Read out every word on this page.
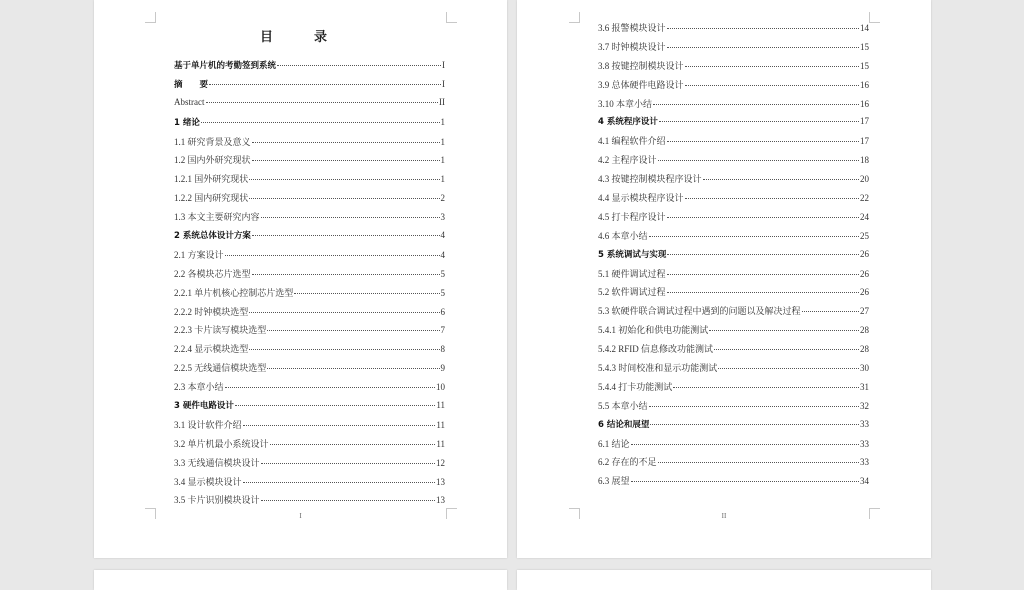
目　录
基于单片机的考勤签到系统	I
摘　　要	I
Abstract	II
1 绪论	1
1.1 研究背景及意义	1
1.2 国内外研究现状	1
1.2.1 国外研究现状	1
1.2.2 国内研究现状	2
1.3 本文主要研究内容	3
2 系统总体设计方案	4
2.1 方案设计	4
2.2 各模块芯片选型	5
2.2.1 单片机核心控制芯片选型	5
2.2.2 时钟模块选型	6
2.2.3 卡片读写模块选型	7
2.2.4 显示模块选型	8
2.2.5 无线通信模块选型	9
2.3 本章小结	10
3 硬件电路设计	11
3.1 设计软件介绍	11
3.2 单片机最小系统设计	11
3.3 无线通信模块设计	12
3.4 显示模块设计	13
3.5 卡片识别模块设计	13
I
3.6 报警模块设计	14
3.7 时钟模块设计	15
3.8 按键控制模块设计	15
3.9 总体硬件电路设计	16
3.10 本章小结	16
4 系统程序设计	17
4.1 编程软件介绍	17
4.2 主程序设计	18
4.3 按键控制模块程序设计	20
4.4 显示模块程序设计	22
4.5 打卡程序设计	24
4.6 本章小结	25
5 系统调试与实现	26
5.1 硬件调试过程	26
5.2 软件调试过程	26
5.3 软硬件联合调试过程中遇到的问题以及解决过程	27
5.4.1 初始化和供电功能测试	28
5.4.2 RFID 信息修改功能测试	28
5.4.3 时间校准和显示功能测试	30
5.4.4 打卡功能测试	31
5.5 本章小结	32
6 结论和展望	33
6.1 结论	33
6.2 存在的不足	33
6.3 展望	34
II
